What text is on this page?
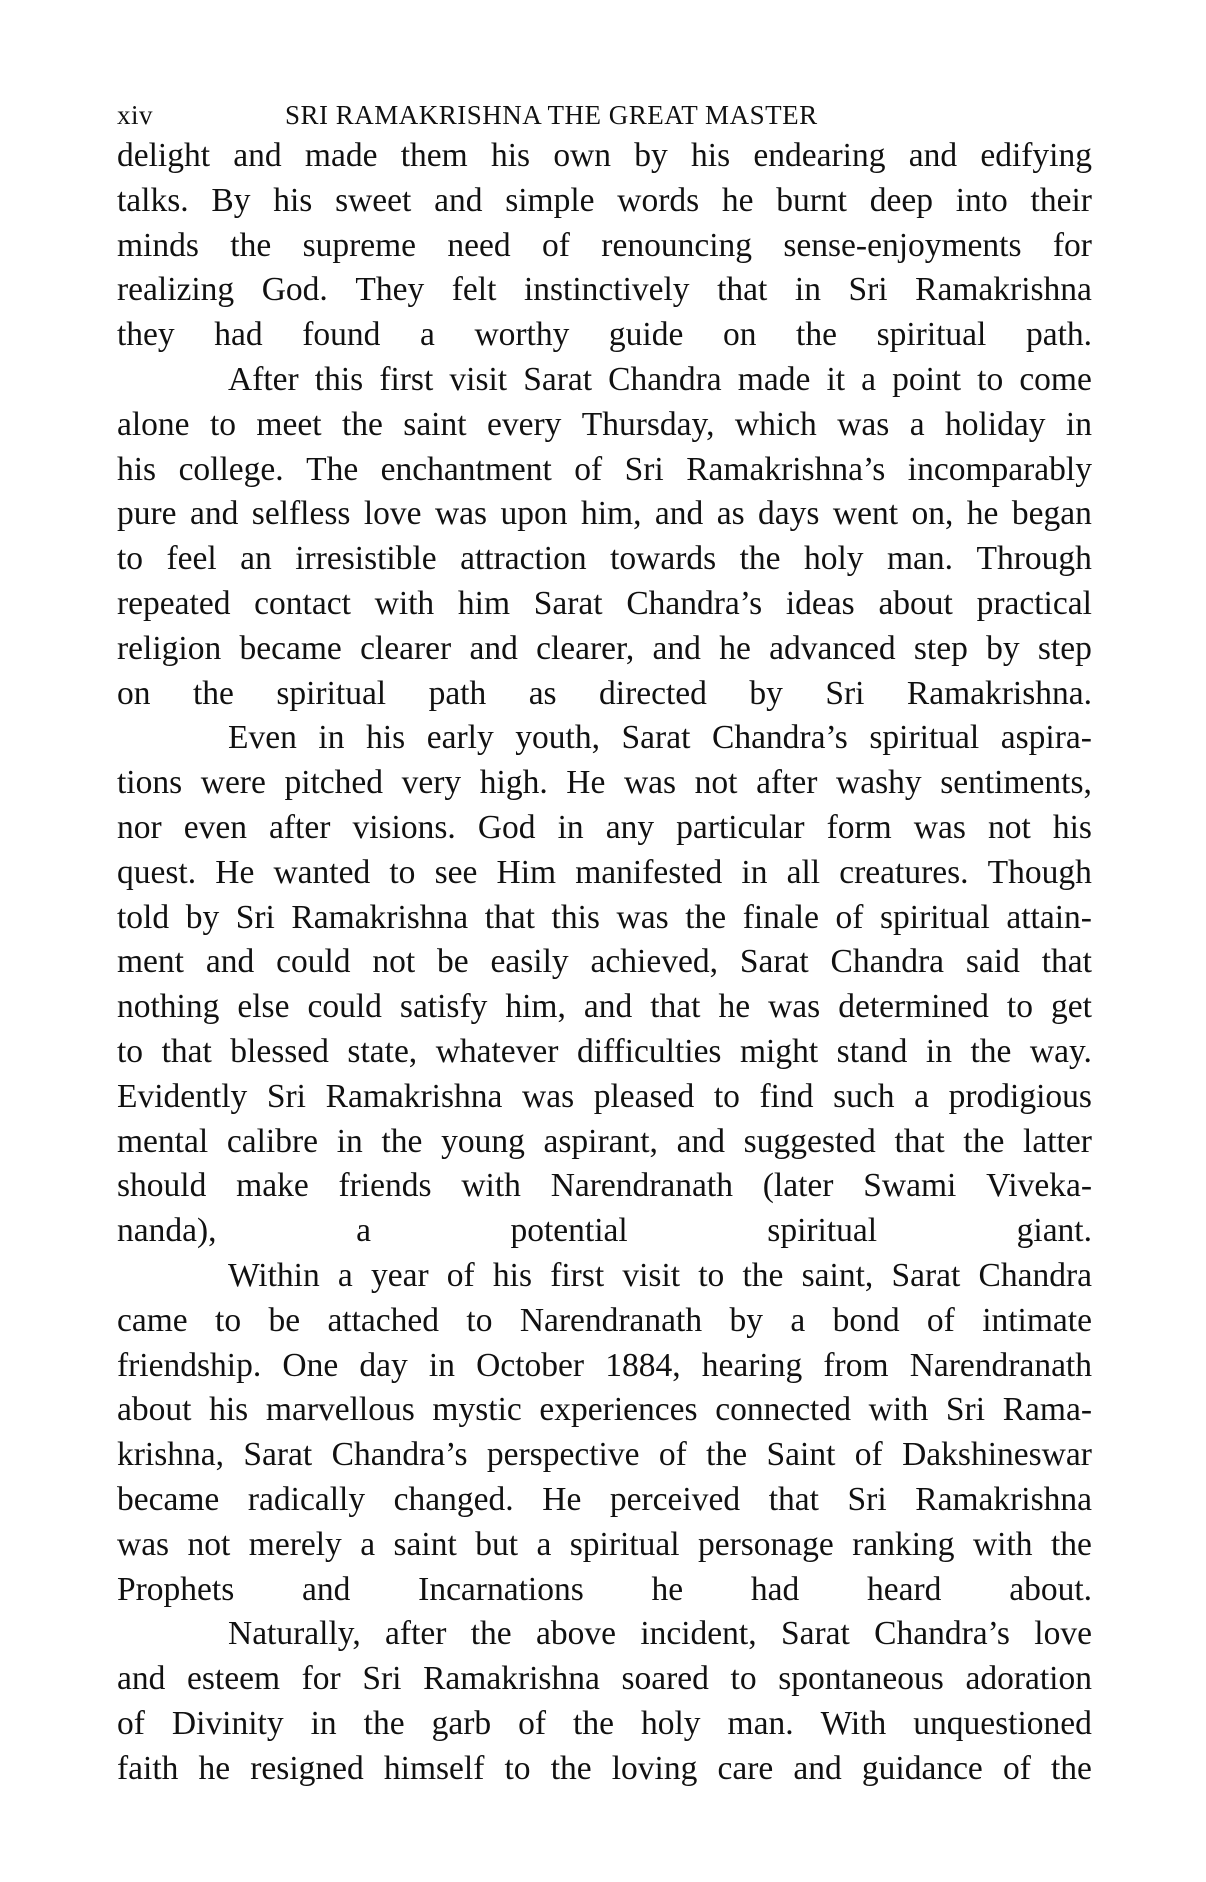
xiv	SRI RAMAKRISHNA THE GREAT MASTER
delight and made them his own by his endearing and edifying
talks. By his sweet and simple words he burnt deep into their
minds the supreme need of renouncing sense-enjoyments for
realizing God. They felt instinctively that in Sri Ramakrishna
they had found a worthy guide on the spiritual path.
After this first visit Sarat Chandra made it a point to come
alone to meet the saint every Thursday, which was a holiday in
his college. The enchantment of Sri Ramakrishna’s incomparably
pure and selfless love was upon him, and as days went on, he began
to feel an irresistible attraction towards the holy man. Through
repeated contact with him Sarat Chandra’s ideas about practical
religion became clearer and clearer, and he advanced step by step
on the spiritual path as directed by Sri Ramakrishna.
Even in his early youth, Sarat Chandra’s spiritual aspira-
tions were pitched very high. He was not after washy sentiments,
nor even after visions. God in any particular form was not his
quest. He wanted to see Him manifested in all creatures. Though
told by Sri Ramakrishna that this was the finale of spiritual attain-
ment and could not be easily achieved, Sarat Chandra said that
nothing else could satisfy him, and that he was determined to get
to that blessed state, whatever difficulties might stand in the way.
Evidently Sri Ramakrishna was pleased to find such a prodigious
mental calibre in the young aspirant, and suggested that the latter
should make friends with Narendranath (later Swami Viveka-
nanda), a potential spiritual giant.
Within a year of his first visit to the saint, Sarat Chandra
came to be attached to Narendranath by a bond of intimate
friendship. One day in October 1884, hearing from Narendranath
about his marvellous mystic experiences connected with Sri Rama-
krishna, Sarat Chandra’s perspective of the Saint of Dakshineswar
became radically changed. He perceived that Sri Ramakrishna
was not merely a saint but a spiritual personage ranking with the
Prophets and Incarnations he had heard about.
Naturally, after the above incident, Sarat Chandra’s love
and esteem for Sri Ramakrishna soared to spontaneous adoration
of Divinity in the garb of the holy man. With unquestioned
faith he resigned himself to the loving care and guidance of the
